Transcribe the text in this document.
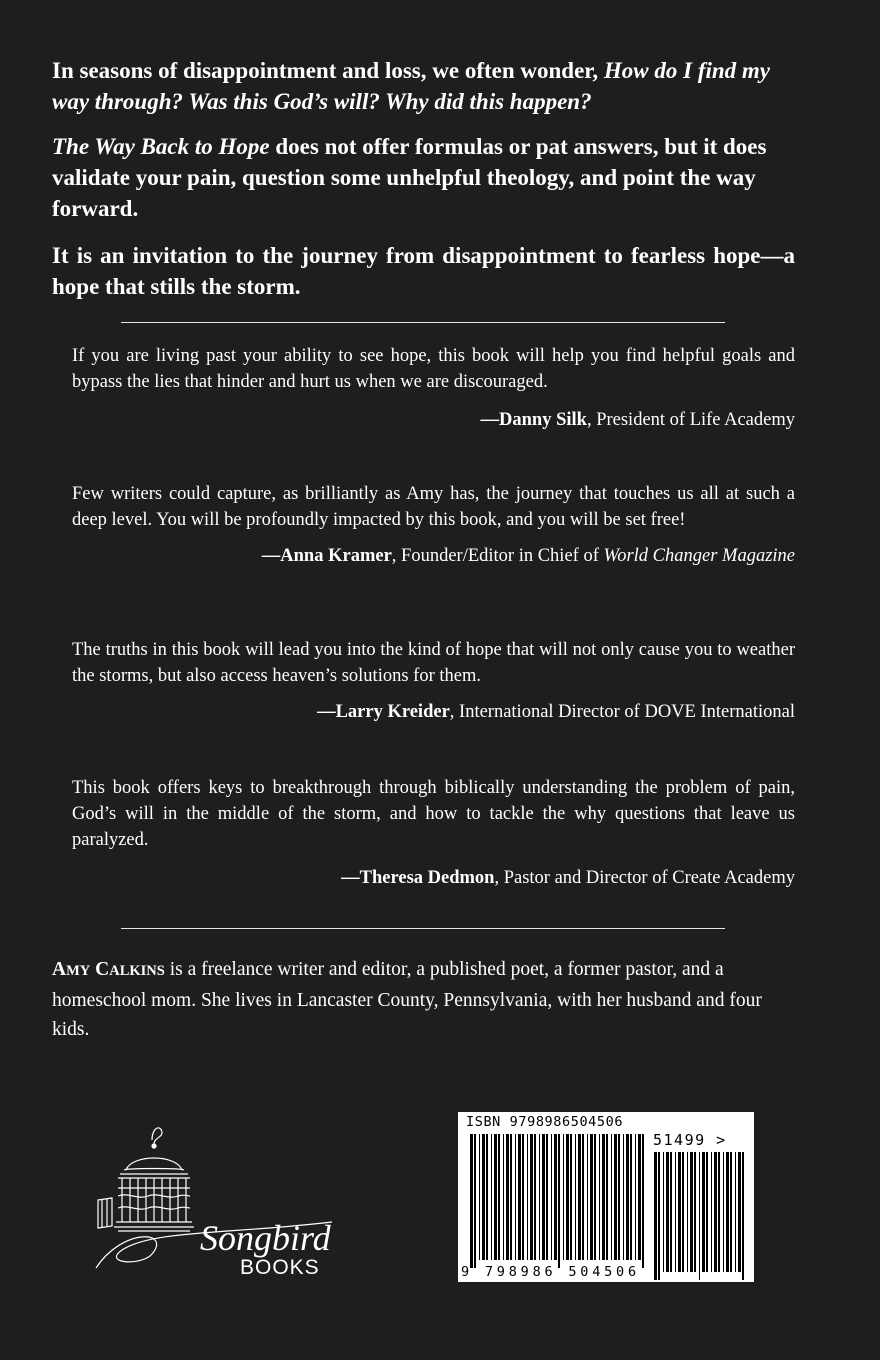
In seasons of disappointment and loss, we often wonder, How do I find my way through? Was this God’s will? Why did this happen?

The Way Back to Hope does not offer formulas or pat answers, but it does validate your pain, question some unhelpful theology, and point the way forward.

It is an invitation to the journey from disappointment to fearless hope—a hope that stills the storm.

If you are living past your ability to see hope, this book will help you find helpful goals and bypass the lies that hinder and hurt us when we are discouraged.

—Danny Silk, President of Life Academy

Few writers could capture, as brilliantly as Amy has, the journey that touches us all at such a deep level. You will be profoundly impacted by this book, and you will be set free!

—Anna Kramer, Founder/Editor in Chief of World Changer Magazine

The truths in this book will lead you into the kind of hope that will not only cause you to weather the storms, but also access heaven’s solutions for them.

—Larry Kreider, International Director of DOVE International

This book offers keys to breakthrough through biblically understanding the problem of pain, God’s will in the middle of the storm, and how to tackle the why questions that leave us paralyzed.

—Theresa Dedmon, Pastor and Director of Create Academy

AMY CALKINS is a freelance writer and editor, a published poet, a former pastor, and a homeschool mom. She lives in Lancaster County, Pennsylvania, with her husband and four kids.

Songbird
BOOKS
ISBN 9798986504506
51499 >
9 798986 504506
